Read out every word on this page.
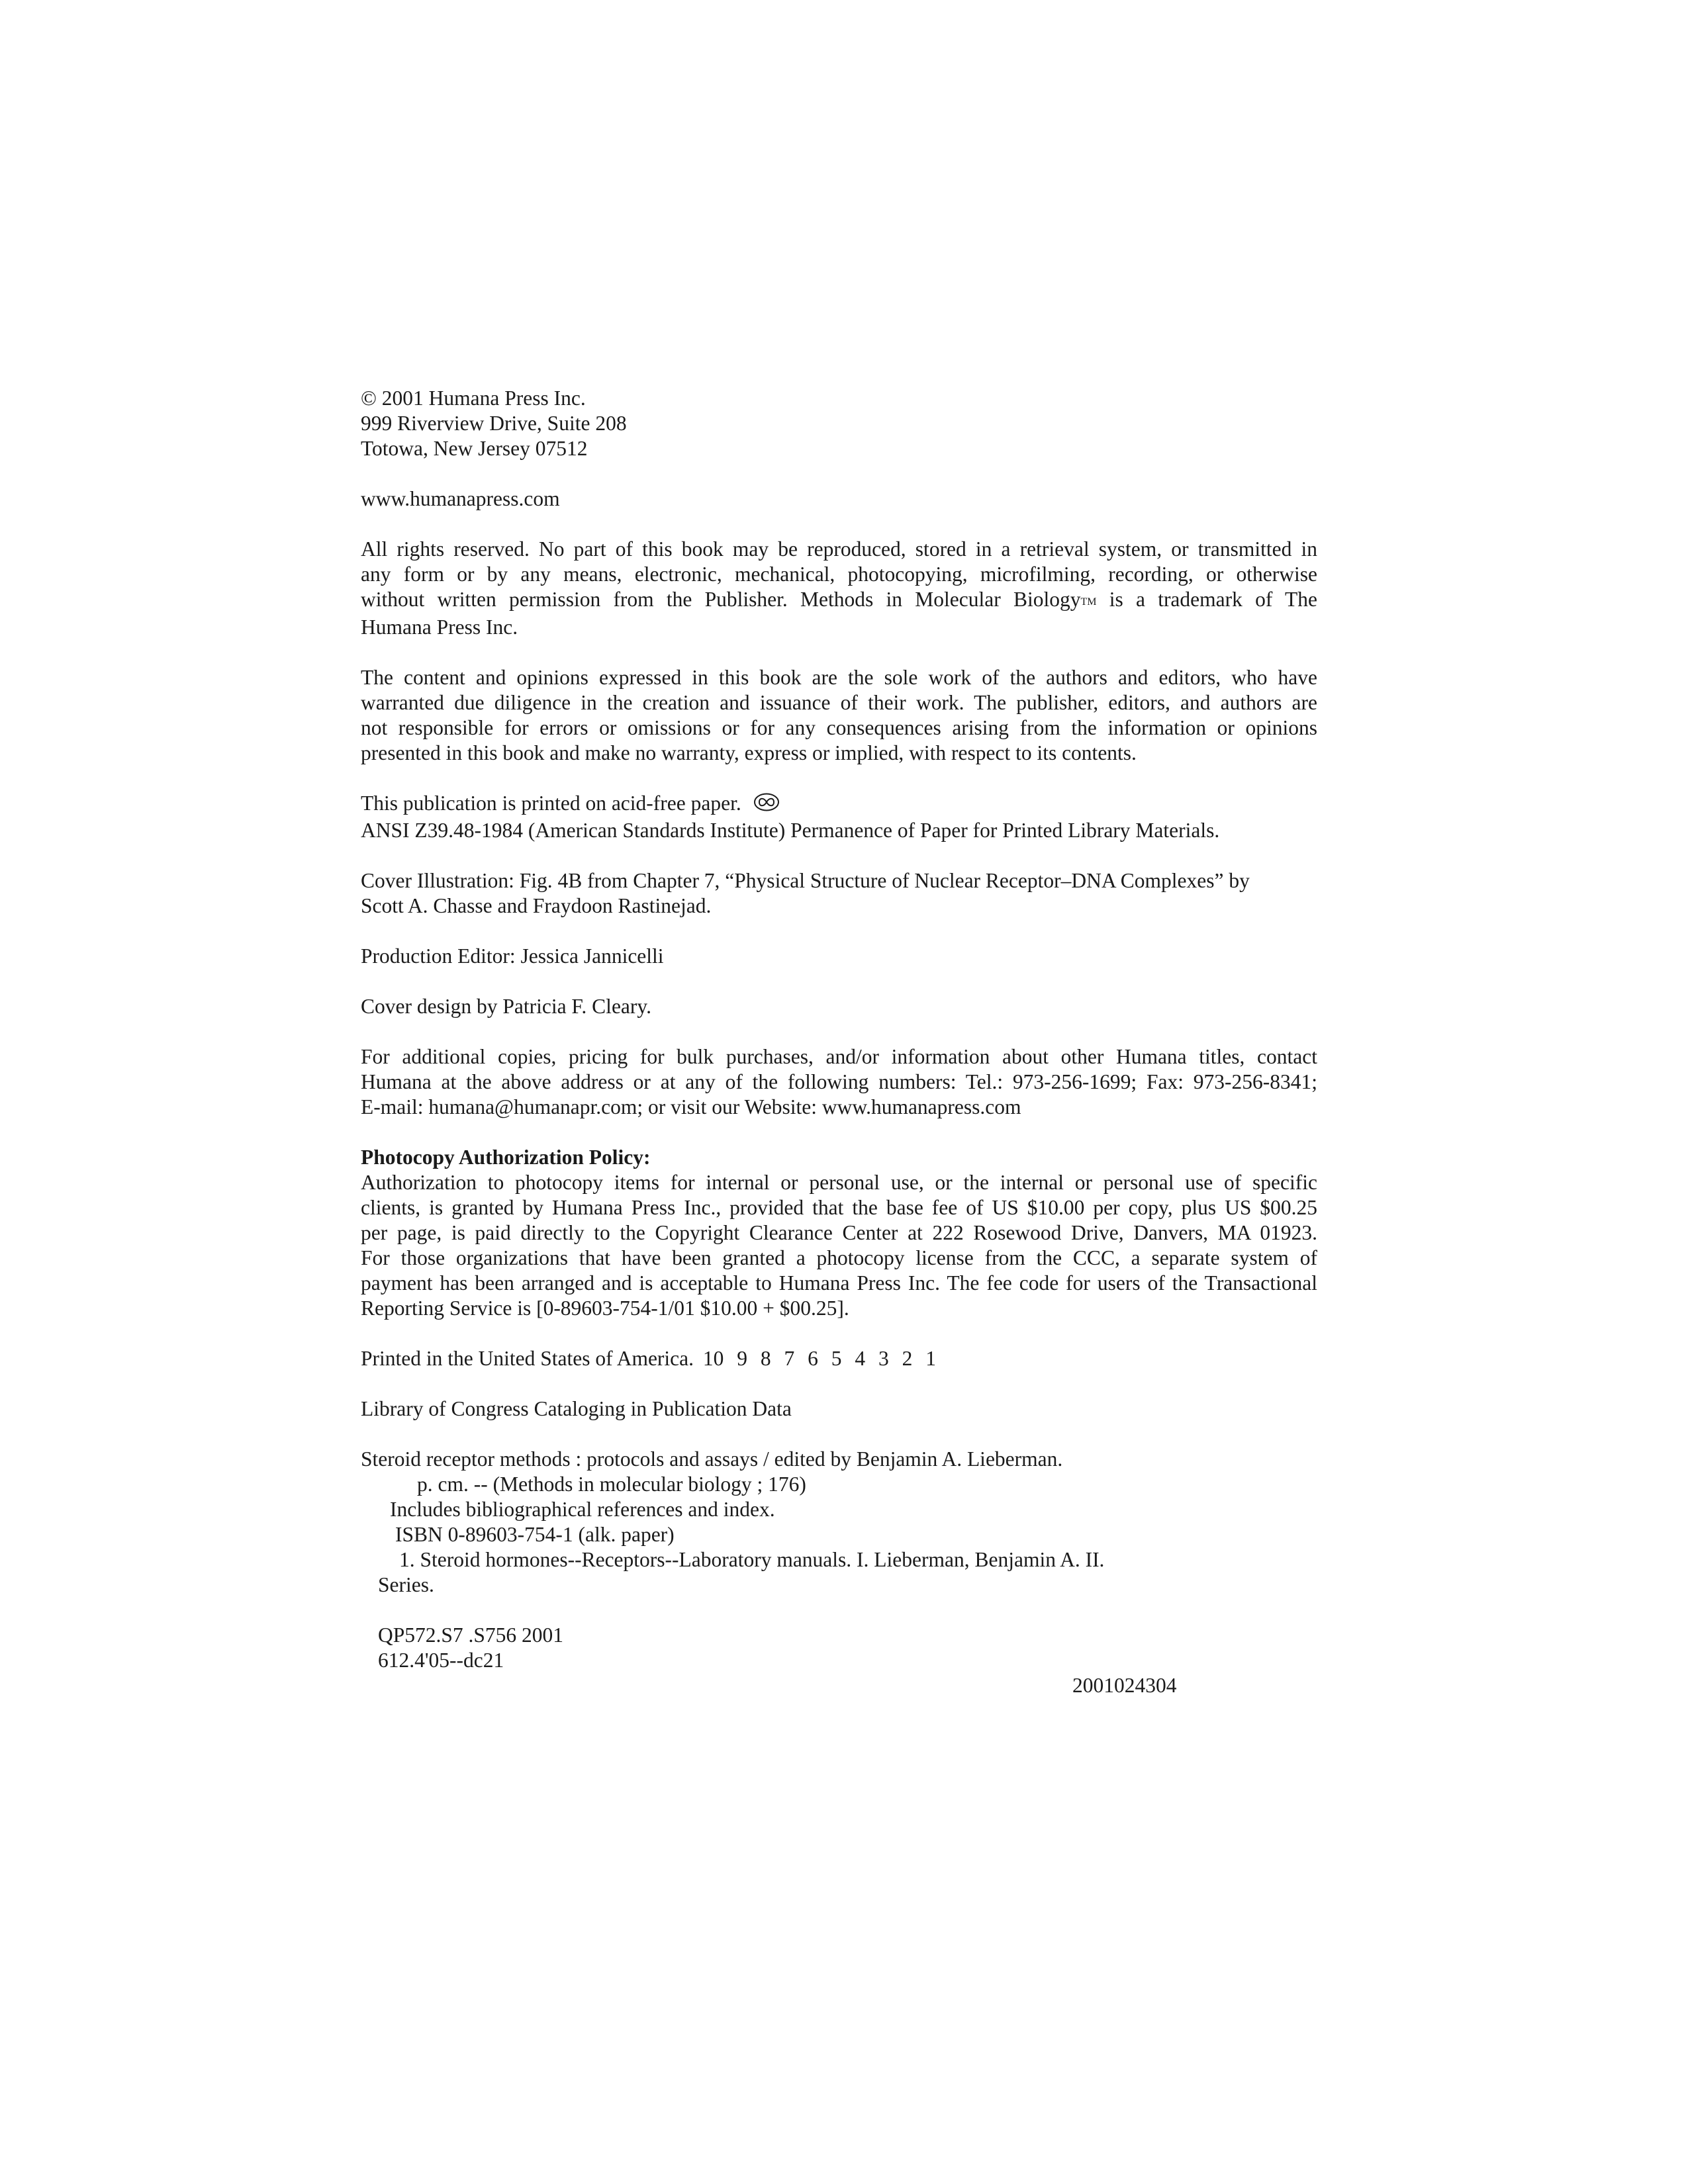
© 2001 Humana Press Inc.
999 Riverview Drive, Suite 208
Totowa, New Jersey 07512
www.humanapress.com
All rights reserved. No part of this book may be reproduced, stored in a retrieval system, or transmitted in
any form or by any means, electronic, mechanical, photocopying, microfilming, recording, or otherwise
without written permission from the Publisher. Methods in Molecular BiologyTM is a trademark of The
Humana Press Inc.
The content and opinions expressed in this book are the sole work of the authors and editors, who have
warranted due diligence in the creation and issuance of their work. The publisher, editors, and authors are
not responsible for errors or omissions or for any consequences arising from the information or opinions
presented in this book and make no warranty, express or implied, with respect to its contents.
This publication is printed on acid-free paper.
ANSI Z39.48-1984 (American Standards Institute) Permanence of Paper for Printed Library Materials.
Cover Illustration: Fig. 4B from Chapter 7, “Physical Structure of Nuclear Receptor–DNA Complexes” by
Scott A. Chasse and Fraydoon Rastinejad.
Production Editor: Jessica Jannicelli
Cover design by Patricia F. Cleary.
For additional copies, pricing for bulk purchases, and/or information about other Humana titles, contact
Humana at the above address or at any of the following numbers: Tel.: 973-256-1699; Fax: 973-256-8341;
E-mail: humana@humanapr.com; or visit our Website: www.humanapress.com
Photocopy Authorization Policy:
Authorization to photocopy items for internal or personal use, or the internal or personal use of specific
clients, is granted by Humana Press Inc., provided that the base fee of US $10.00 per copy, plus US $00.25
per page, is paid directly to the Copyright Clearance Center at 222 Rosewood Drive, Danvers, MA 01923.
For those organizations that have been granted a photocopy license from the CCC, a separate system of
payment has been arranged and is acceptable to Humana Press Inc. The fee code for users of the Transactional
Reporting Service is [0-89603-754-1/01 $10.00 + $00.25].
Printed in the United States of America. 10 9 8 7 6 5 4 3 2 1
Library of Congress Cataloging in Publication Data
Steroid receptor methods : protocols and assays / edited by Benjamin A. Lieberman.
p. cm. -- (Methods in molecular biology ; 176)
Includes bibliographical references and index.
ISBN 0-89603-754-1 (alk. paper)
1. Steroid hormones--Receptors--Laboratory manuals. I. Lieberman, Benjamin A. II.
Series.
QP572.S7 .S756 2001
612.4'05--dc21
2001024304
